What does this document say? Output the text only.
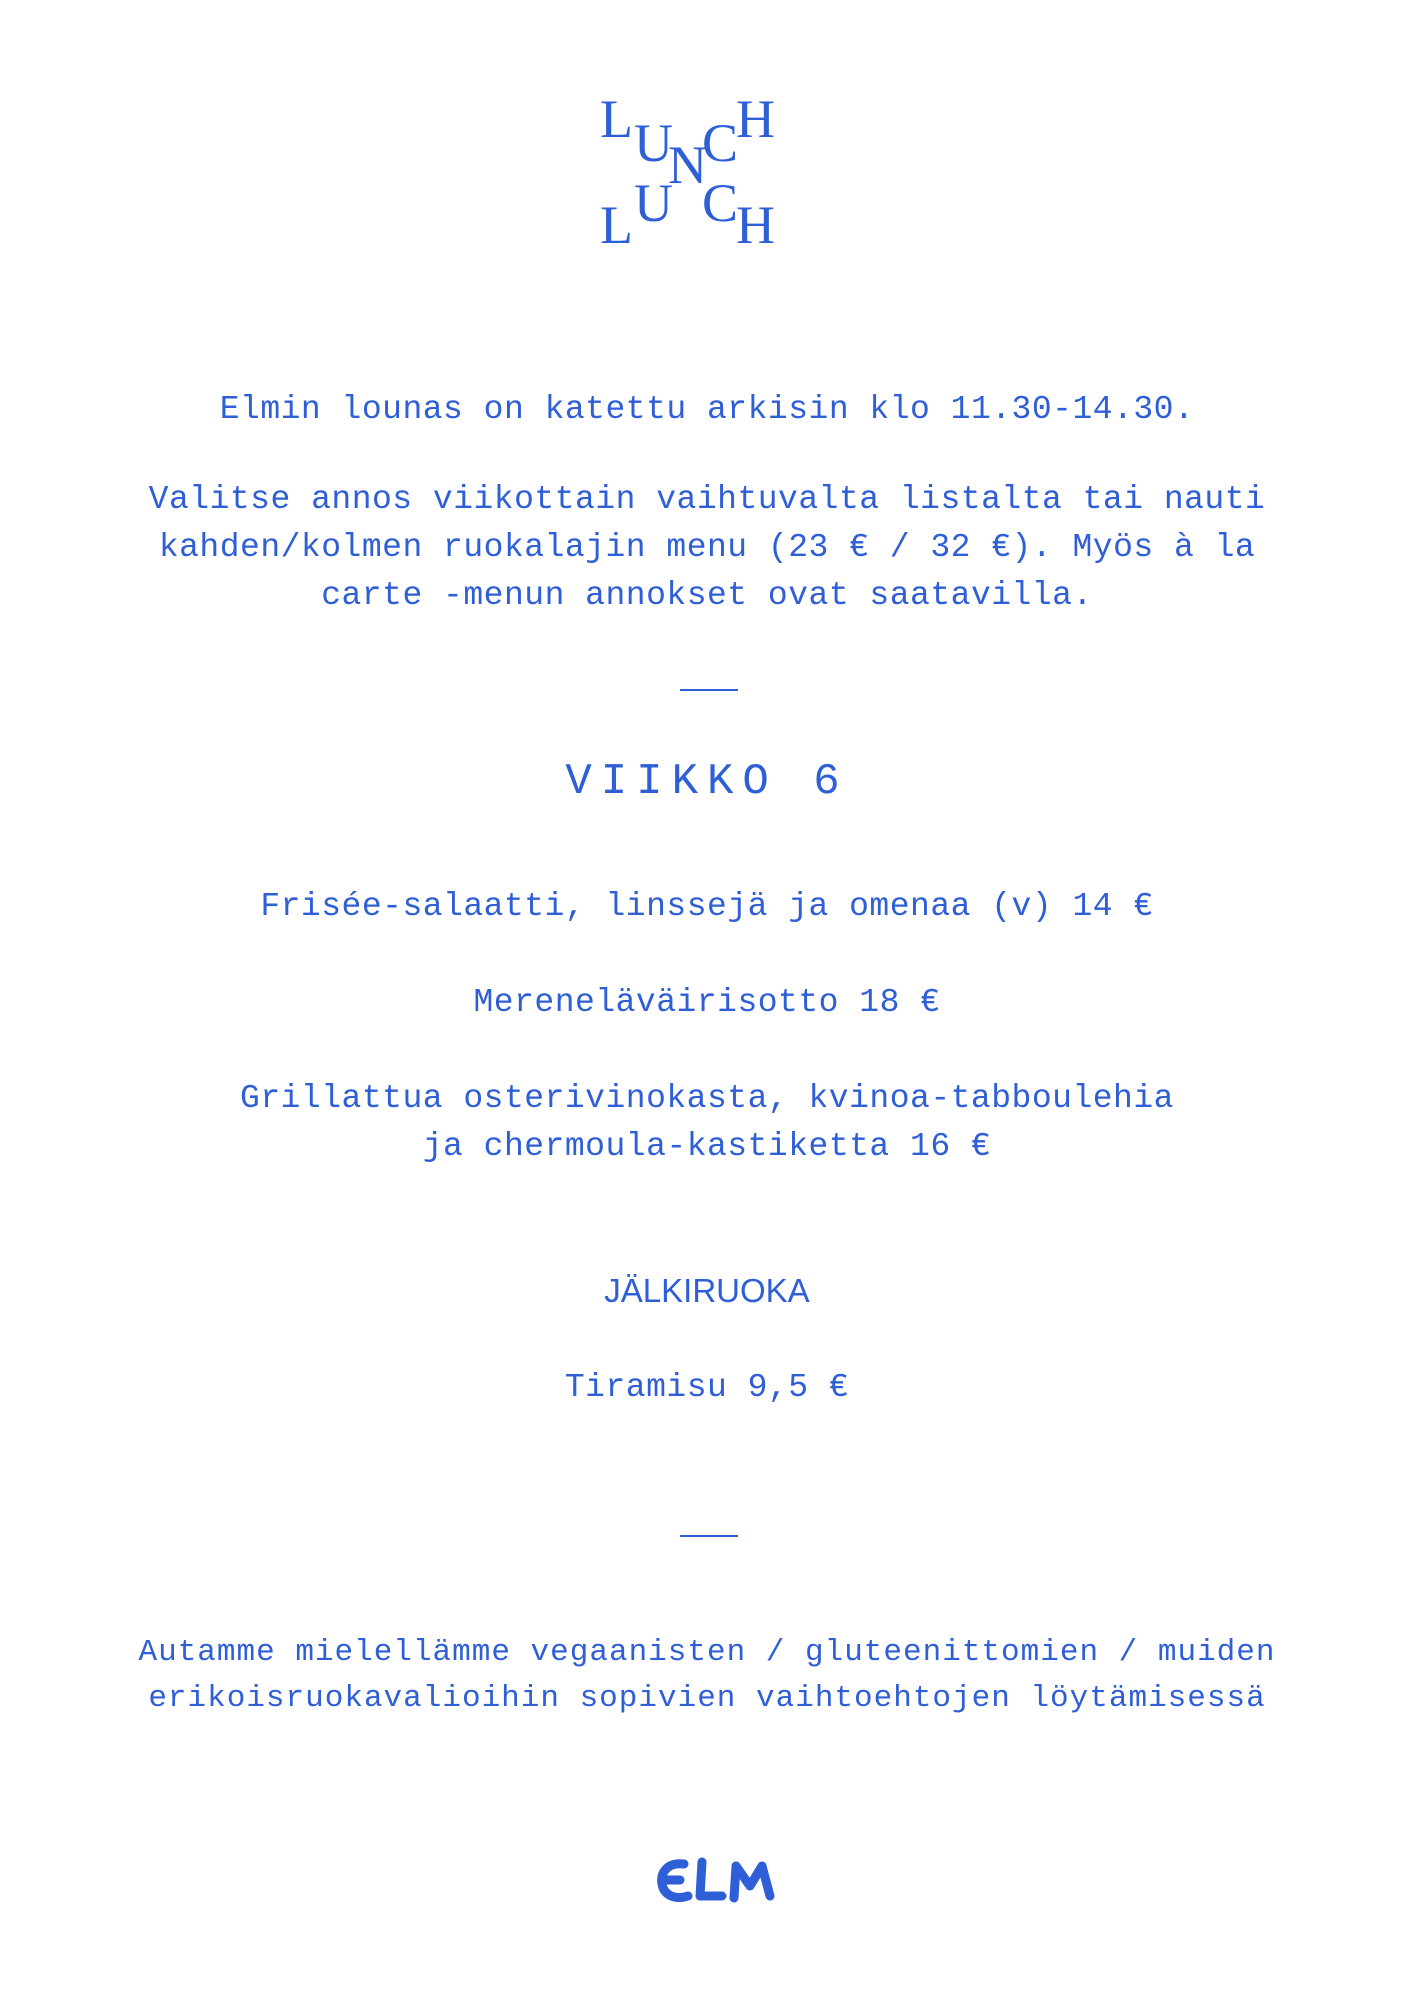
L U
N
C
H
L U C
H
Elmin lounas on katettu arkisin klo 11.30-14.30.
Valitse annos viikottain vaihtuvalta listalta tai nauti
kahden/kolmen ruokalajin menu (23 € / 32 €). Myös à la
carte -menun annokset ovat saatavilla.
VIIKKO 6
Frisée-salaatti, linssejä ja omenaa (v) 14 €
Mereneläväirisotto 18 €
Grillattua osterivinokasta, kvinoa-tabboulehia
ja chermoula-kastiketta 16 €
JÄLKIRUOKA
Tiramisu 9,5 €
Autamme mielellämme vegaanisten / gluteenittomien / muiden
erikoisruokavalioihin sopivien vaihtoehtojen löytämisessä
